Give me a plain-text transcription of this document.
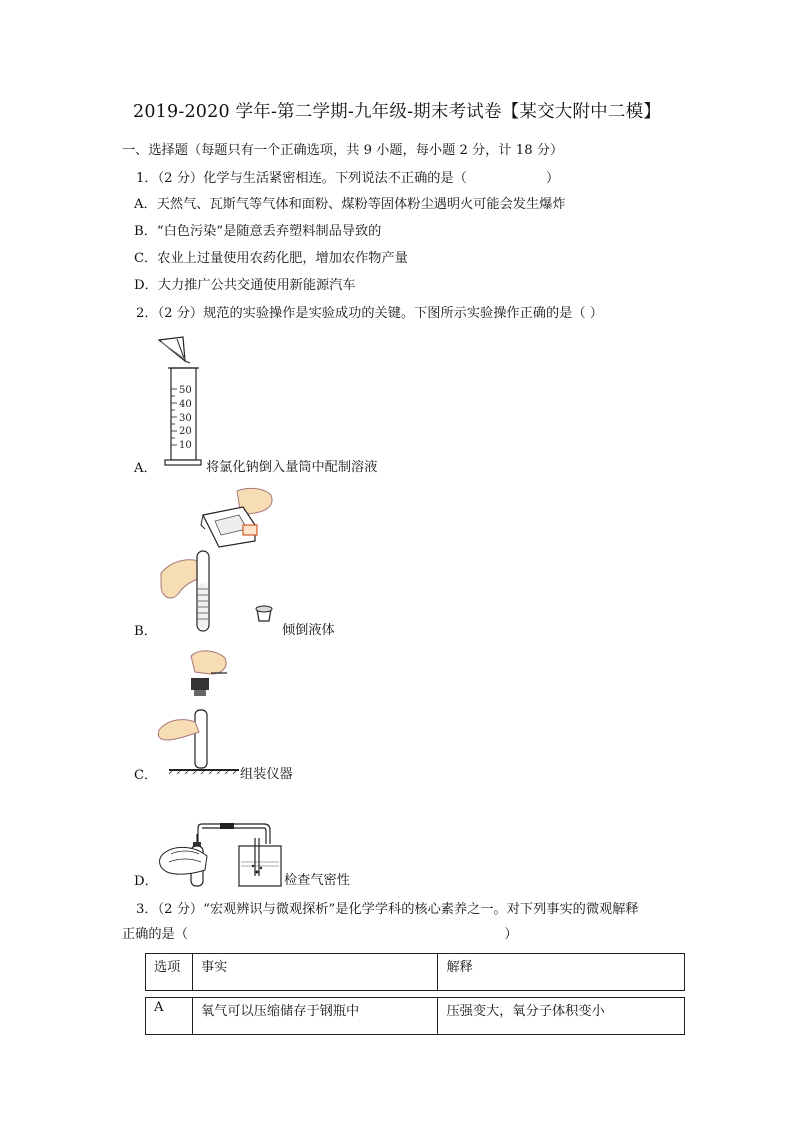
2019-2020 学年-第二学期-九年级-期末考试卷【某交大附中二模】
一、选择题（每题只有一个正确选项，共 9 小题，每小题 2 分，计 18 分）
1．（2 分）化学与生活紧密相连。下列说法不正确的是（　　　　　　）
A．天然气、瓦斯气等气体和面粉、煤粉等固体粉尘遇明火可能会发生爆炸
B．“白色污染”是随意丢弃塑料制品导致的
C．农业上过量使用农药化肥，增加农作物产量
D．大力推广公共交通使用新能源汽车
2．（2 分）规范的实验操作是实验成功的关键。下图所示实验操作正确的是（ ）
50
40
30
20
10
A．	将氯化钠倒入量筒中配制溶液
B．	倾倒液体
C．	组装仪器
D．	检查气密性
3．（2 分）“宏观辨识与微观探析”是化学学科的核心素养之一。对下列事实的微观解释
正确的是（　　　　　　　　　　　　　　　　　　　　　　　　）
选项	事实	解释

A	氧气可以压缩储存于钢瓶中	压强变大，氧分子体积变小
